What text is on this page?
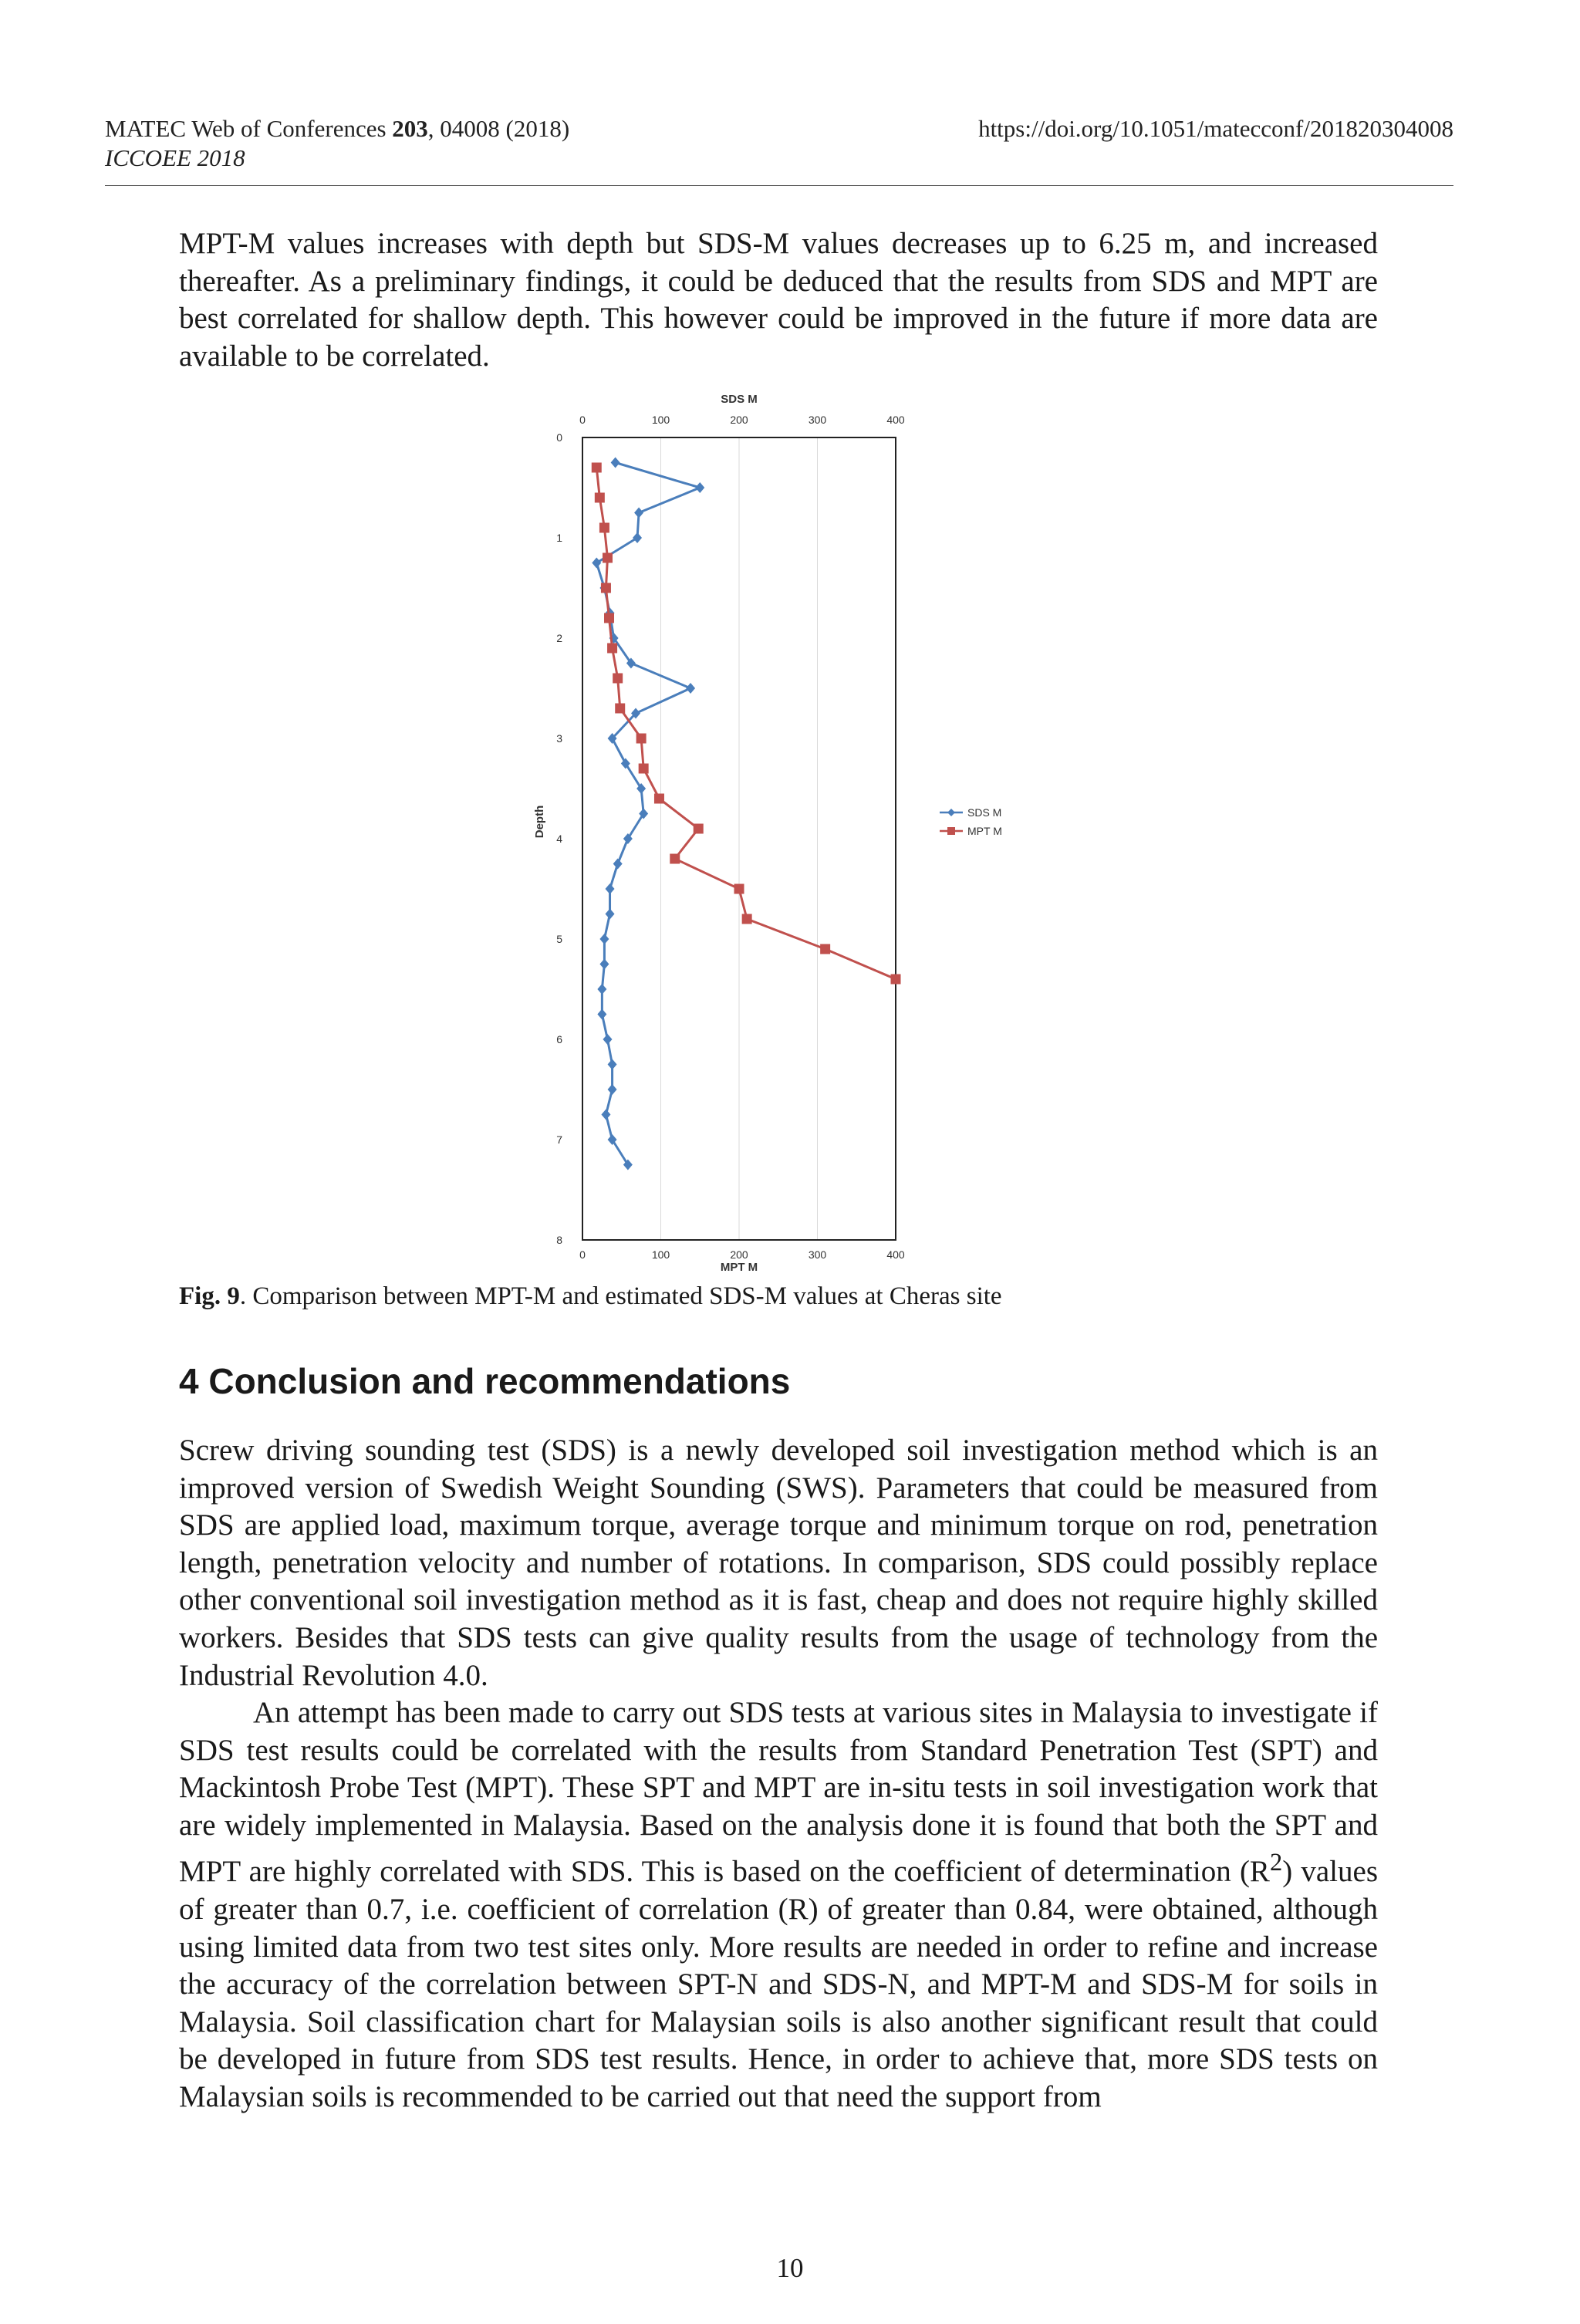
MATEC Web of Conferences 203, 04008 (2018)
ICCOEE 2018
https://doi.org/10.1051/matecconf/201820304008
MPT-M values increases with depth but SDS-M values decreases up to 6.25 m, and increased thereafter. As a preliminary findings, it could be deduced that the results from SDS and MPT are best correlated for shallow depth. This however could be improved in the future if more data are available to be correlated.
0
0
100
100
200
200
300
300
400
400
0
1
2
3
4
5
6
7
8
SDS M
MPT M
Depth	SDS M
MPT M
Fig. 9. Comparison between MPT-M and estimated SDS-M values at Cheras site
4 Conclusion and recommendations
Screw driving sounding test (SDS) is a newly developed soil investigation method which is an improved version of Swedish Weight Sounding (SWS). Parameters that could be measured from SDS are applied load, maximum torque, average torque and minimum torque on rod, penetration length, penetration velocity and number of rotations. In comparison, SDS could possibly replace other conventional soil investigation method as it is fast, cheap and does not require highly skilled workers. Besides that SDS tests can give quality results from the usage of technology from the Industrial Revolution 4.0.
An attempt has been made to carry out SDS tests at various sites in Malaysia to investigate if SDS test results could be correlated with the results from Standard Penetration Test (SPT) and Mackintosh Probe Test (MPT). These SPT and MPT are in-situ tests in soil investigation work that are widely implemented in Malaysia. Based on the analysis done it is found that both the SPT and MPT are highly correlated with SDS. This is based on the coefficient of determination $(R^2)$ values of greater than 0.7, i.e. coefficient of correlation (R) of greater than 0.84, were obtained, although using limited data from two test sites only. More results are needed in order to refine and increase the accuracy of the correlation between SPT-N and SDS-N, and MPT-M and SDS-M for soils in Malaysia. Soil classification chart for Malaysian soils is also another significant result that could be developed in future from SDS test results. Hence, in order to achieve that, more SDS tests on Malaysian soils is recommended to be carried out that need the support from
10
